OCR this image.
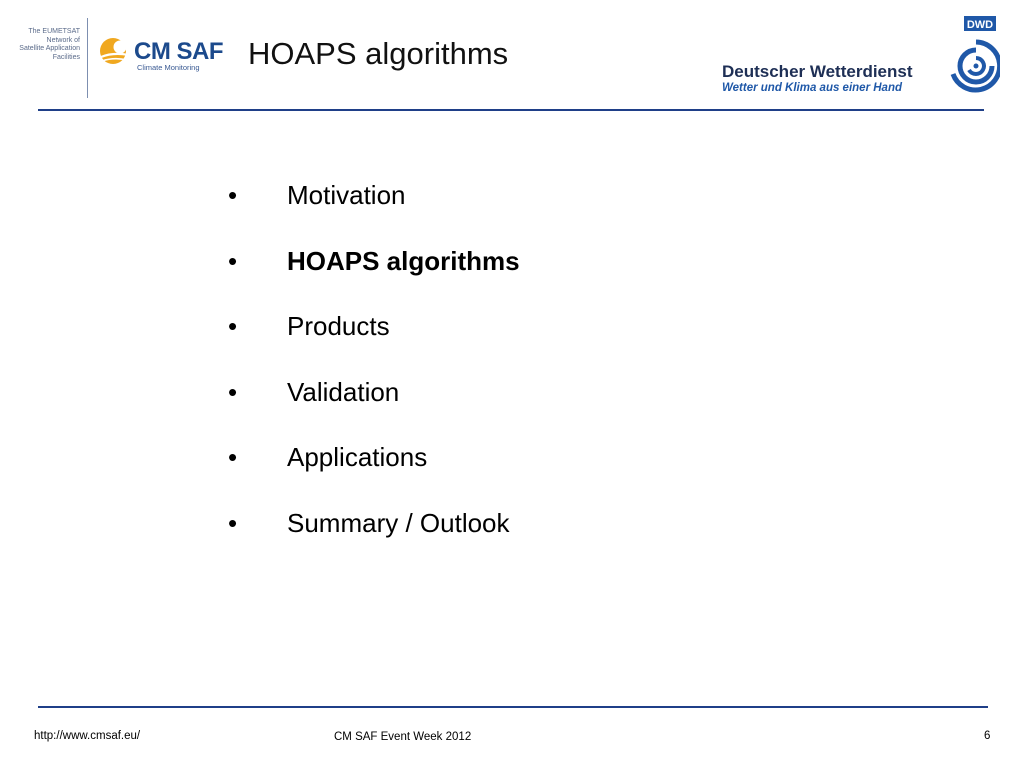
The EUMETSAT
Network of
Satellite Application
Facilities CM SAF
Climate Monitoring HOAPS algorithms
Deutscher Wetterdienst
Wetter und Klima aus einer Hand
DWD
• Motivation
• HOAPS algorithms
• Products
• Validation
• Applications
• Summary / Outlook
http://www.cmsaf.eu/	CM SAF Event Week 2012	6
